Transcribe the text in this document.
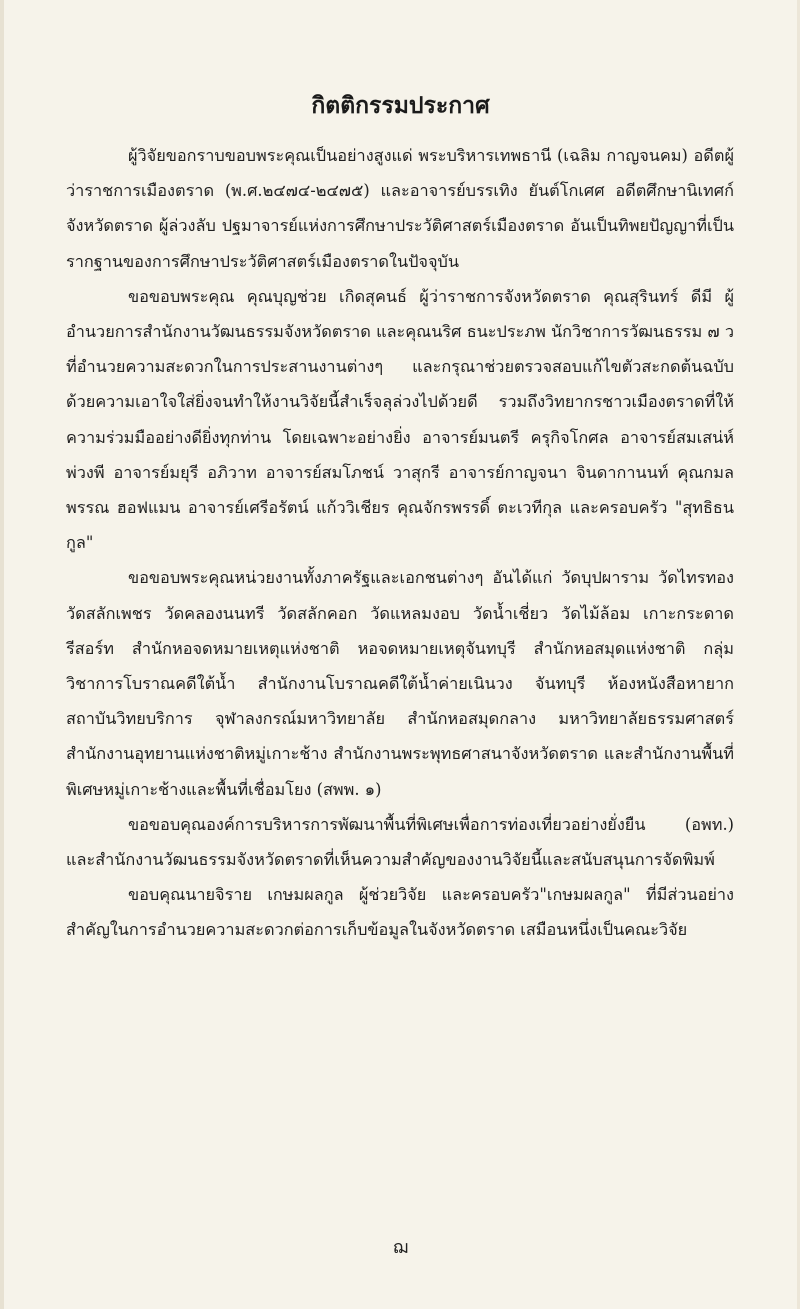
กิตติกรรมประกาศ

ผู้วิจัยขอกราบขอบพระคุณเป็นอย่างสูงแด่ พระบริหารเทพธานี (เฉลิม กาญจนคม) อดีตผู้ว่าราชการเมืองตราด (พ.ศ.๒๔๗๔-๒๔๗๕) และอาจารย์บรรเทิง ยันต์โกเศศ อดีตศึกษานิเทศก์จังหวัดตราด ผู้ล่วงลับ ปฐมาจารย์แห่งการศึกษาประวัติศาสตร์เมืองตราด อันเป็นทิพยปัญญาที่เป็นรากฐานของการศึกษาประวัติศาสตร์เมืองตราดในปัจจุบัน

ขอขอบพระคุณ คุณบุญช่วย เกิดสุคนธ์ ผู้ว่าราชการจังหวัดตราด คุณสุรินทร์ ดีมี ผู้อำนวยการสำนักงานวัฒนธรรมจังหวัดตราด และคุณนริศ ธนะประภพ นักวิชาการวัฒนธรรม ๗ ว ที่อำนวยความสะดวกในการประสานงานต่างๆ และกรุณาช่วยตรวจสอบแก้ไขตัวสะกดต้นฉบับด้วยความเอาใจใส่ยิ่งจนทำให้งานวิจัยนี้สำเร็จลุล่วงไปด้วยดี รวมถึงวิทยากรชาวเมืองตราดที่ให้ความร่วมมืออย่างดียิ่งทุกท่าน โดยเฉพาะอย่างยิ่ง อาจารย์มนตรี ครุกิจโกศล อาจารย์สมเสน่ห์ พ่วงพี อาจารย์มยุรี อภิวาท อาจารย์สมโภชน์ วาสุกรี อาจารย์กาญจนา จินดากานนท์ คุณกมลพรรณ ฮอฟแมน อาจารย์เศรีอรัตน์ แก้ววิเชียร คุณจักรพรรดิ์ ตะเวทีกุล และครอบครัว "สุทธิธนกูล"

ขอขอบพระคุณหน่วยงานทั้งภาครัฐและเอกชนต่างๆ อันได้แก่ วัดบุปผาราม วัดไทรทอง วัดสลักเพชร วัดคลองนนทรี วัดสลักคอก วัดแหลมงอบ วัดน้ำเชี่ยว วัดไม้ล้อม เกาะกระดาดรีสอร์ท สำนักหอจดหมายเหตุแห่งชาติ หอจดหมายเหตุจันทบุรี สำนักหอสมุดแห่งชาติ กลุ่มวิชาการโบราณคดีใต้น้ำ สำนักงานโบราณคดีใต้น้ำค่ายเนินวง จันทบุรี ห้องหนังสือหายาก สถาบันวิทยบริการ จุฬาลงกรณ์มหาวิทยาลัย สำนักหอสมุดกลาง มหาวิทยาลัยธรรมศาสตร์ สำนักงานอุทยานแห่งชาติหมู่เกาะช้าง สำนักงานพระพุทธศาสนาจังหวัดตราด และสำนักงานพื้นที่พิเศษหมู่เกาะช้างและพื้นที่เชื่อมโยง (สพพ. ๑)

ขอขอบคุณองค์การบริหารการพัฒนาพื้นที่พิเศษเพื่อการท่องเที่ยวอย่างยั่งยืน (อพท.) และสำนักงานวัฒนธรรมจังหวัดตราดที่เห็นความสำคัญของงานวิจัยนี้และสนับสนุนการจัดพิมพ์

ขอบคุณนายจิราย เกษมผลกูล ผู้ช่วยวิจัย และครอบครัว"เกษมผลกูล" ที่มีส่วนอย่างสำคัญในการอำนวยความสะดวกต่อการเก็บข้อมูลในจังหวัดตราด เสมือนหนึ่งเป็นคณะวิจัย

ฌ
